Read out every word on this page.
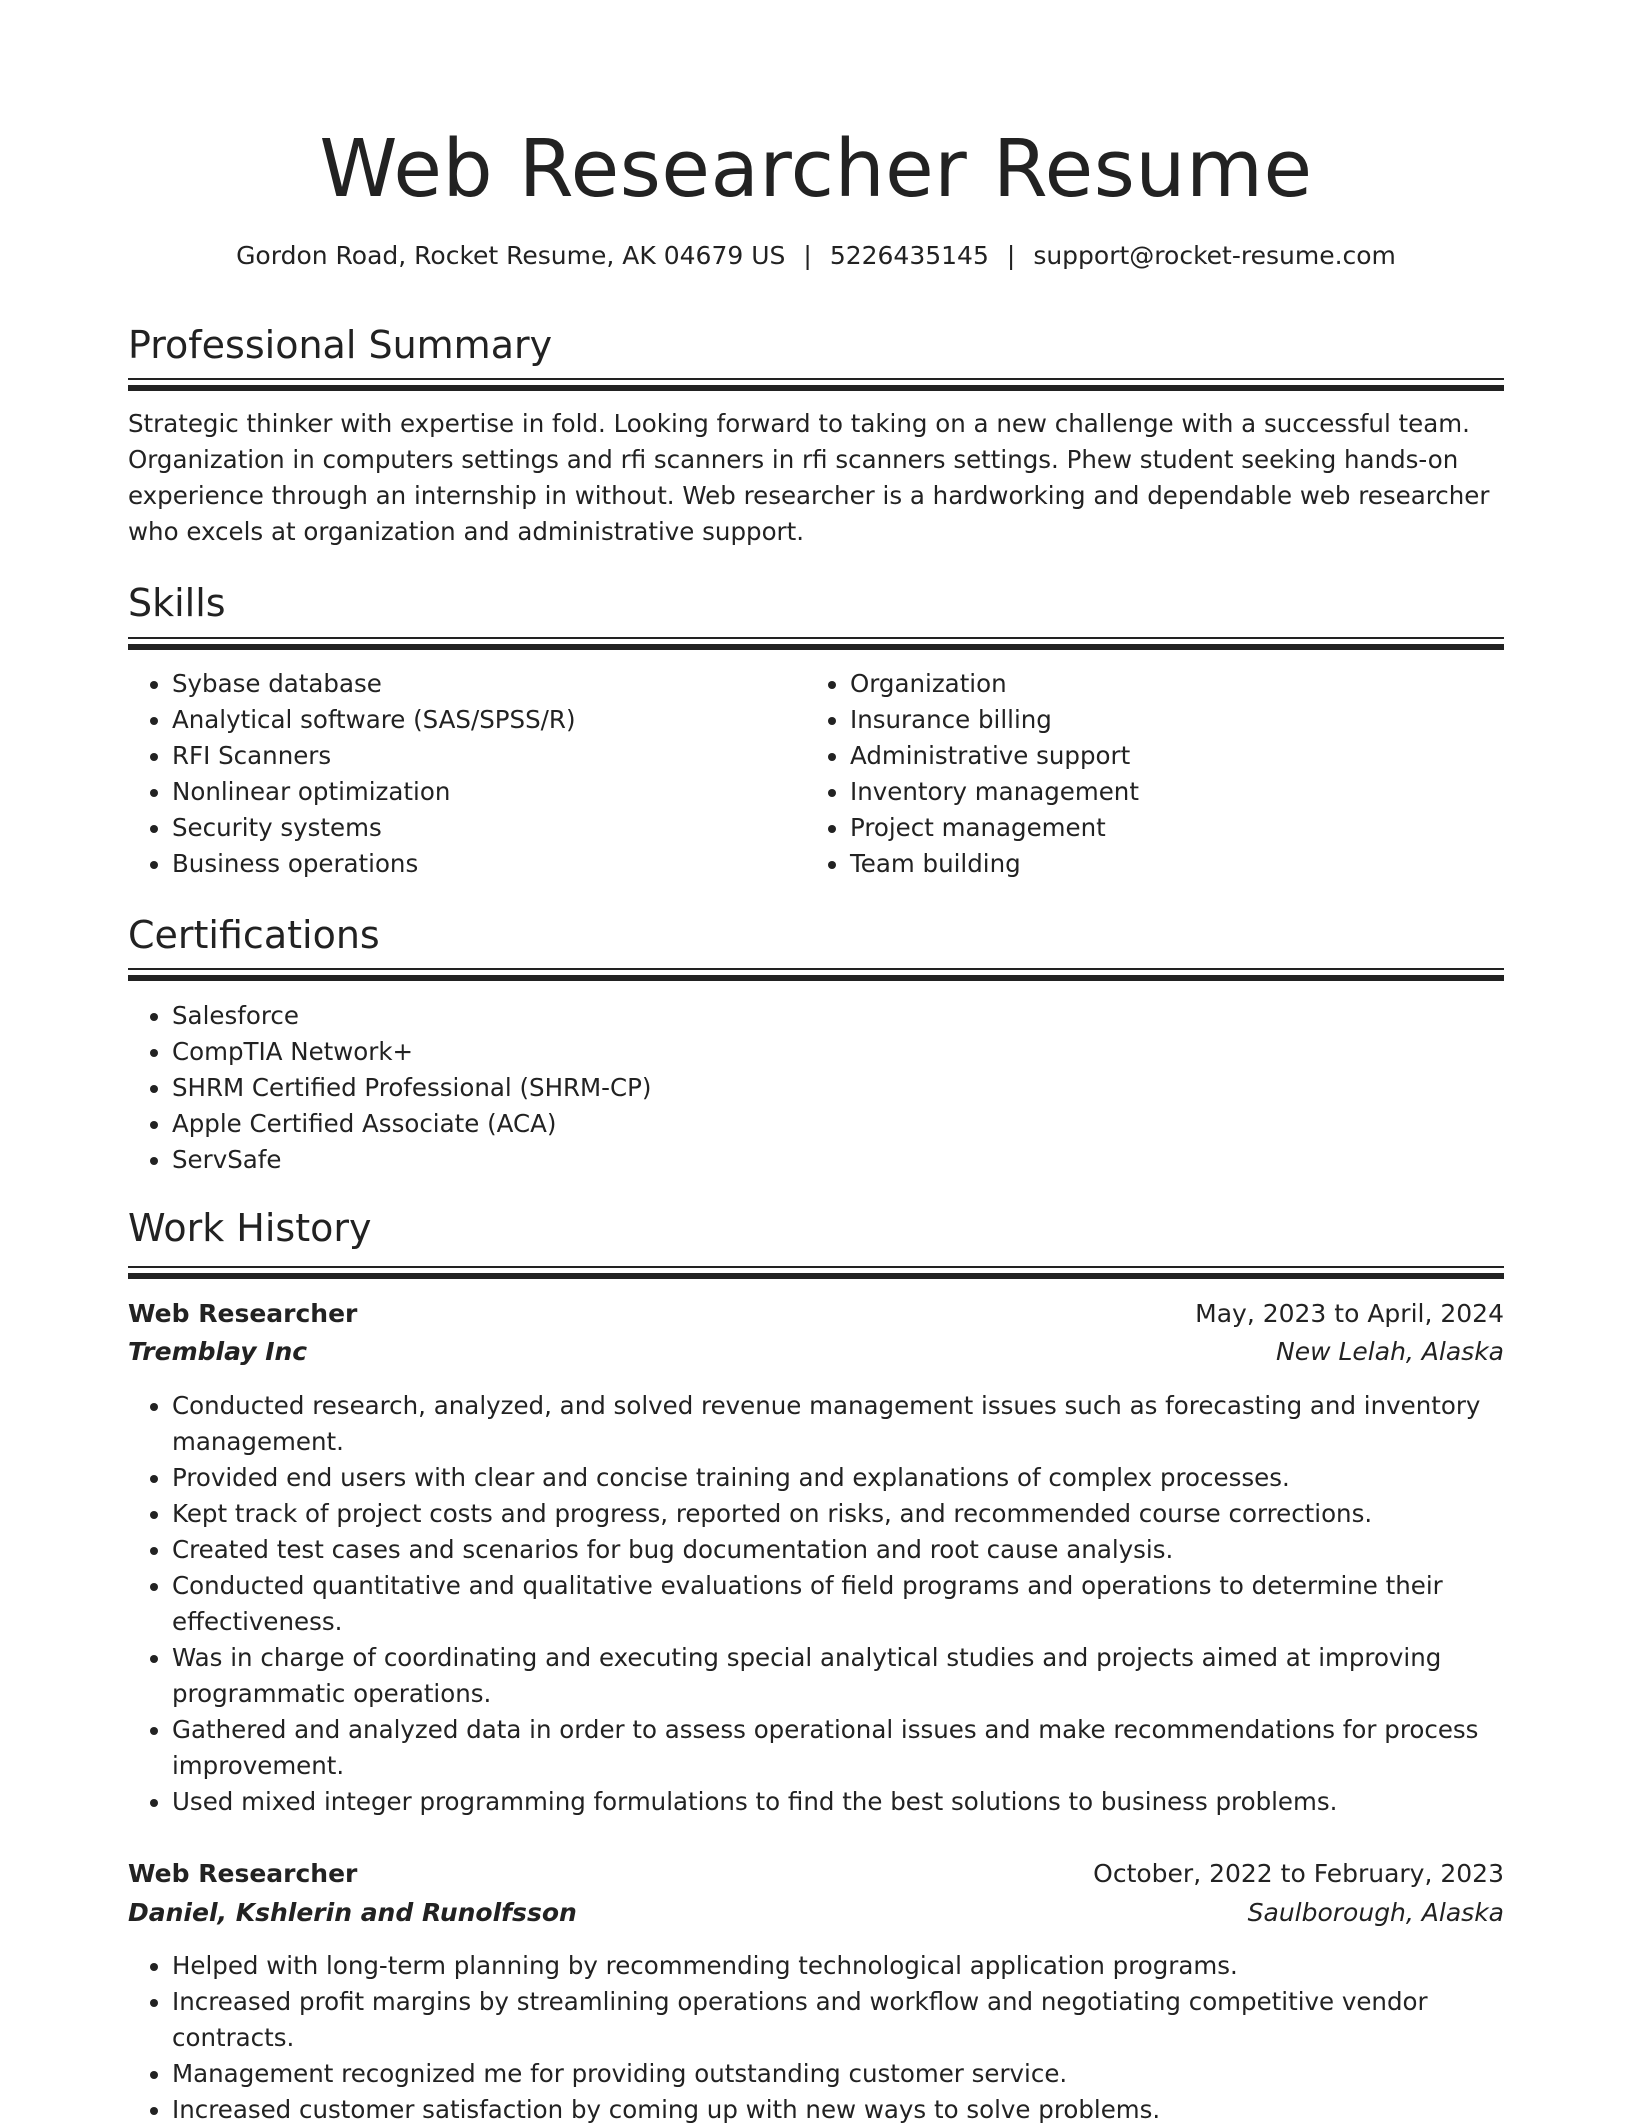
Web Researcher Resume
Gordon Road, Rocket Resume, AK 04679 US | 5226435145 | support@rocket-resume.com
Professional Summary

Strategic thinker with expertise in fold. Looking forward to taking on a new challenge with a successful team. Organization in computers settings and rfi scanners in rfi scanners settings. Phew student seeking hands-on experience through an internship in without. Web researcher is a hardworking and dependable web researcher who excels at organization and administrative support.

Skills
• Sybase database
• Analytical software (SAS/SPSS/R)
• RFI Scanners
• Nonlinear optimization
• Security systems
• Business operations
• Organization
• Insurance billing
• Administrative support
• Inventory management
• Project management
• Team building
Certifications
• Salesforce
• CompTIA Network+
• SHRM Certified Professional (SHRM-CP)
• Apple Certified Associate (ACA)
• ServSafe
Work History
Web Researcher	May, 2023 to April, 2024
Tremblay Inc	New Lelah, Alaska
• Conducted research, analyzed, and solved revenue management issues such as forecasting and inventory management.
• Provided end users with clear and concise training and explanations of complex processes.
• Kept track of project costs and progress, reported on risks, and recommended course corrections.
• Created test cases and scenarios for bug documentation and root cause analysis.
• Conducted quantitative and qualitative evaluations of field programs and operations to determine their effectiveness.
• Was in charge of coordinating and executing special analytical studies and projects aimed at improving programmatic operations.
• Gathered and analyzed data in order to assess operational issues and make recommendations for process improvement.
• Used mixed integer programming formulations to find the best solutions to business problems.
Web Researcher	October, 2022 to February, 2023
Daniel, Kshlerin and Runolfsson	Saulborough, Alaska
• Helped with long-term planning by recommending technological application programs.
• Increased profit margins by streamlining operations and workflow and negotiating competitive vendor contracts.
• Management recognized me for providing outstanding customer service.
• Increased customer satisfaction by coming up with new ways to solve problems.
